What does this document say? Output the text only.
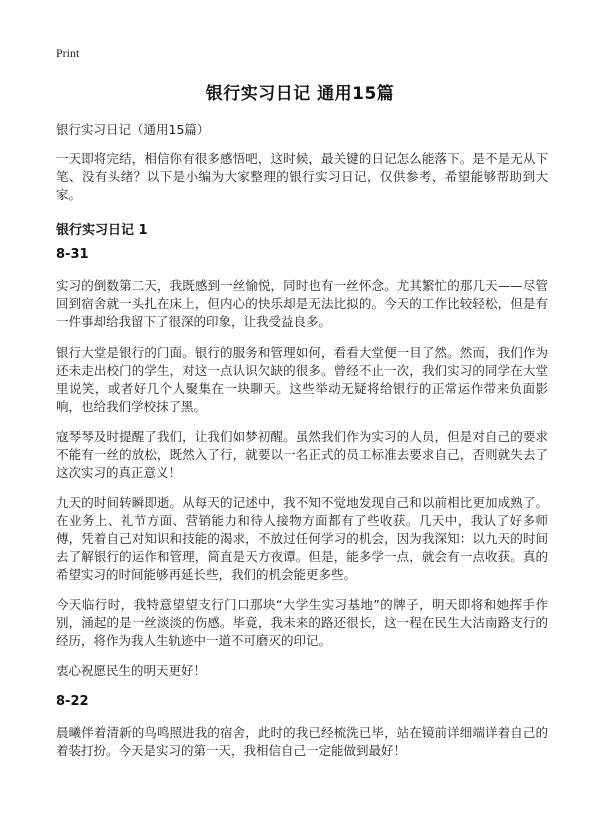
Print
银行实习日记 通用15篇
银行实习日记（通用15篇）
一天即将完结，相信你有很多感悟吧，这时候，最关键的日记怎么能落下。是不是无从下笔、没有头绪？以下是小编为大家整理的银行实习日记，仅供参考，希望能够帮助到大家。
银行实习日记 1
8-31
实习的倒数第二天，我既感到一丝愉悦，同时也有一丝怀念。尤其繁忙的那几天——尽管回到宿舍就一头扎在床上，但内心的快乐却是无法比拟的。今天的工作比较轻松，但是有一件事却给我留下了很深的印象，让我受益良多。
银行大堂是银行的门面。银行的服务和管理如何，看看大堂便一目了然。然而，我们作为还未走出校门的学生，对这一点认识欠缺的很多。曾经不止一次，我们实习的同学在大堂里说笑，或者好几个人聚集在一块聊天。这些举动无疑将给银行的正常运作带来负面影响，也给我们学校抹了黑。
寇琴琴及时提醒了我们，让我们如梦初醒。虽然我们作为实习的人员，但是对自己的要求不能有一丝的放松，既然入了行，就要以一名正式的员工标准去要求自己，否则就失去了这次实习的真正意义！
九天的时间转瞬即逝。从每天的记述中，我不知不觉地发现自己和以前相比更加成熟了。在业务上、礼节方面、营销能力和待人接物方面都有了些收获。几天中，我认了好多师傅，凭着自己对知识和技能的渴求，不放过任何学习的机会，因为我深知：以九天的时间去了解银行的运作和管理，简直是天方夜谭。但是，能多学一点，就会有一点收获。真的希望实习的时间能够再延长些，我们的机会能更多些。
今天临行时，我特意望望支行门口那块“大学生实习基地”的牌子，明天即将和她挥手作别，涌起的是一丝淡淡的伤感。毕竟，我未来的路还很长，这一程在民生大沽南路支行的经历，将作为我人生轨迹中一道不可磨灭的印记。
衷心祝愿民生的明天更好！
8-22
晨曦伴着清新的鸟鸣照进我的宿舍，此时的我已经梳洗已毕，站在镜前详细端详着自己的着装打扮。今天是实习的第一天，我相信自己一定能做到最好！
